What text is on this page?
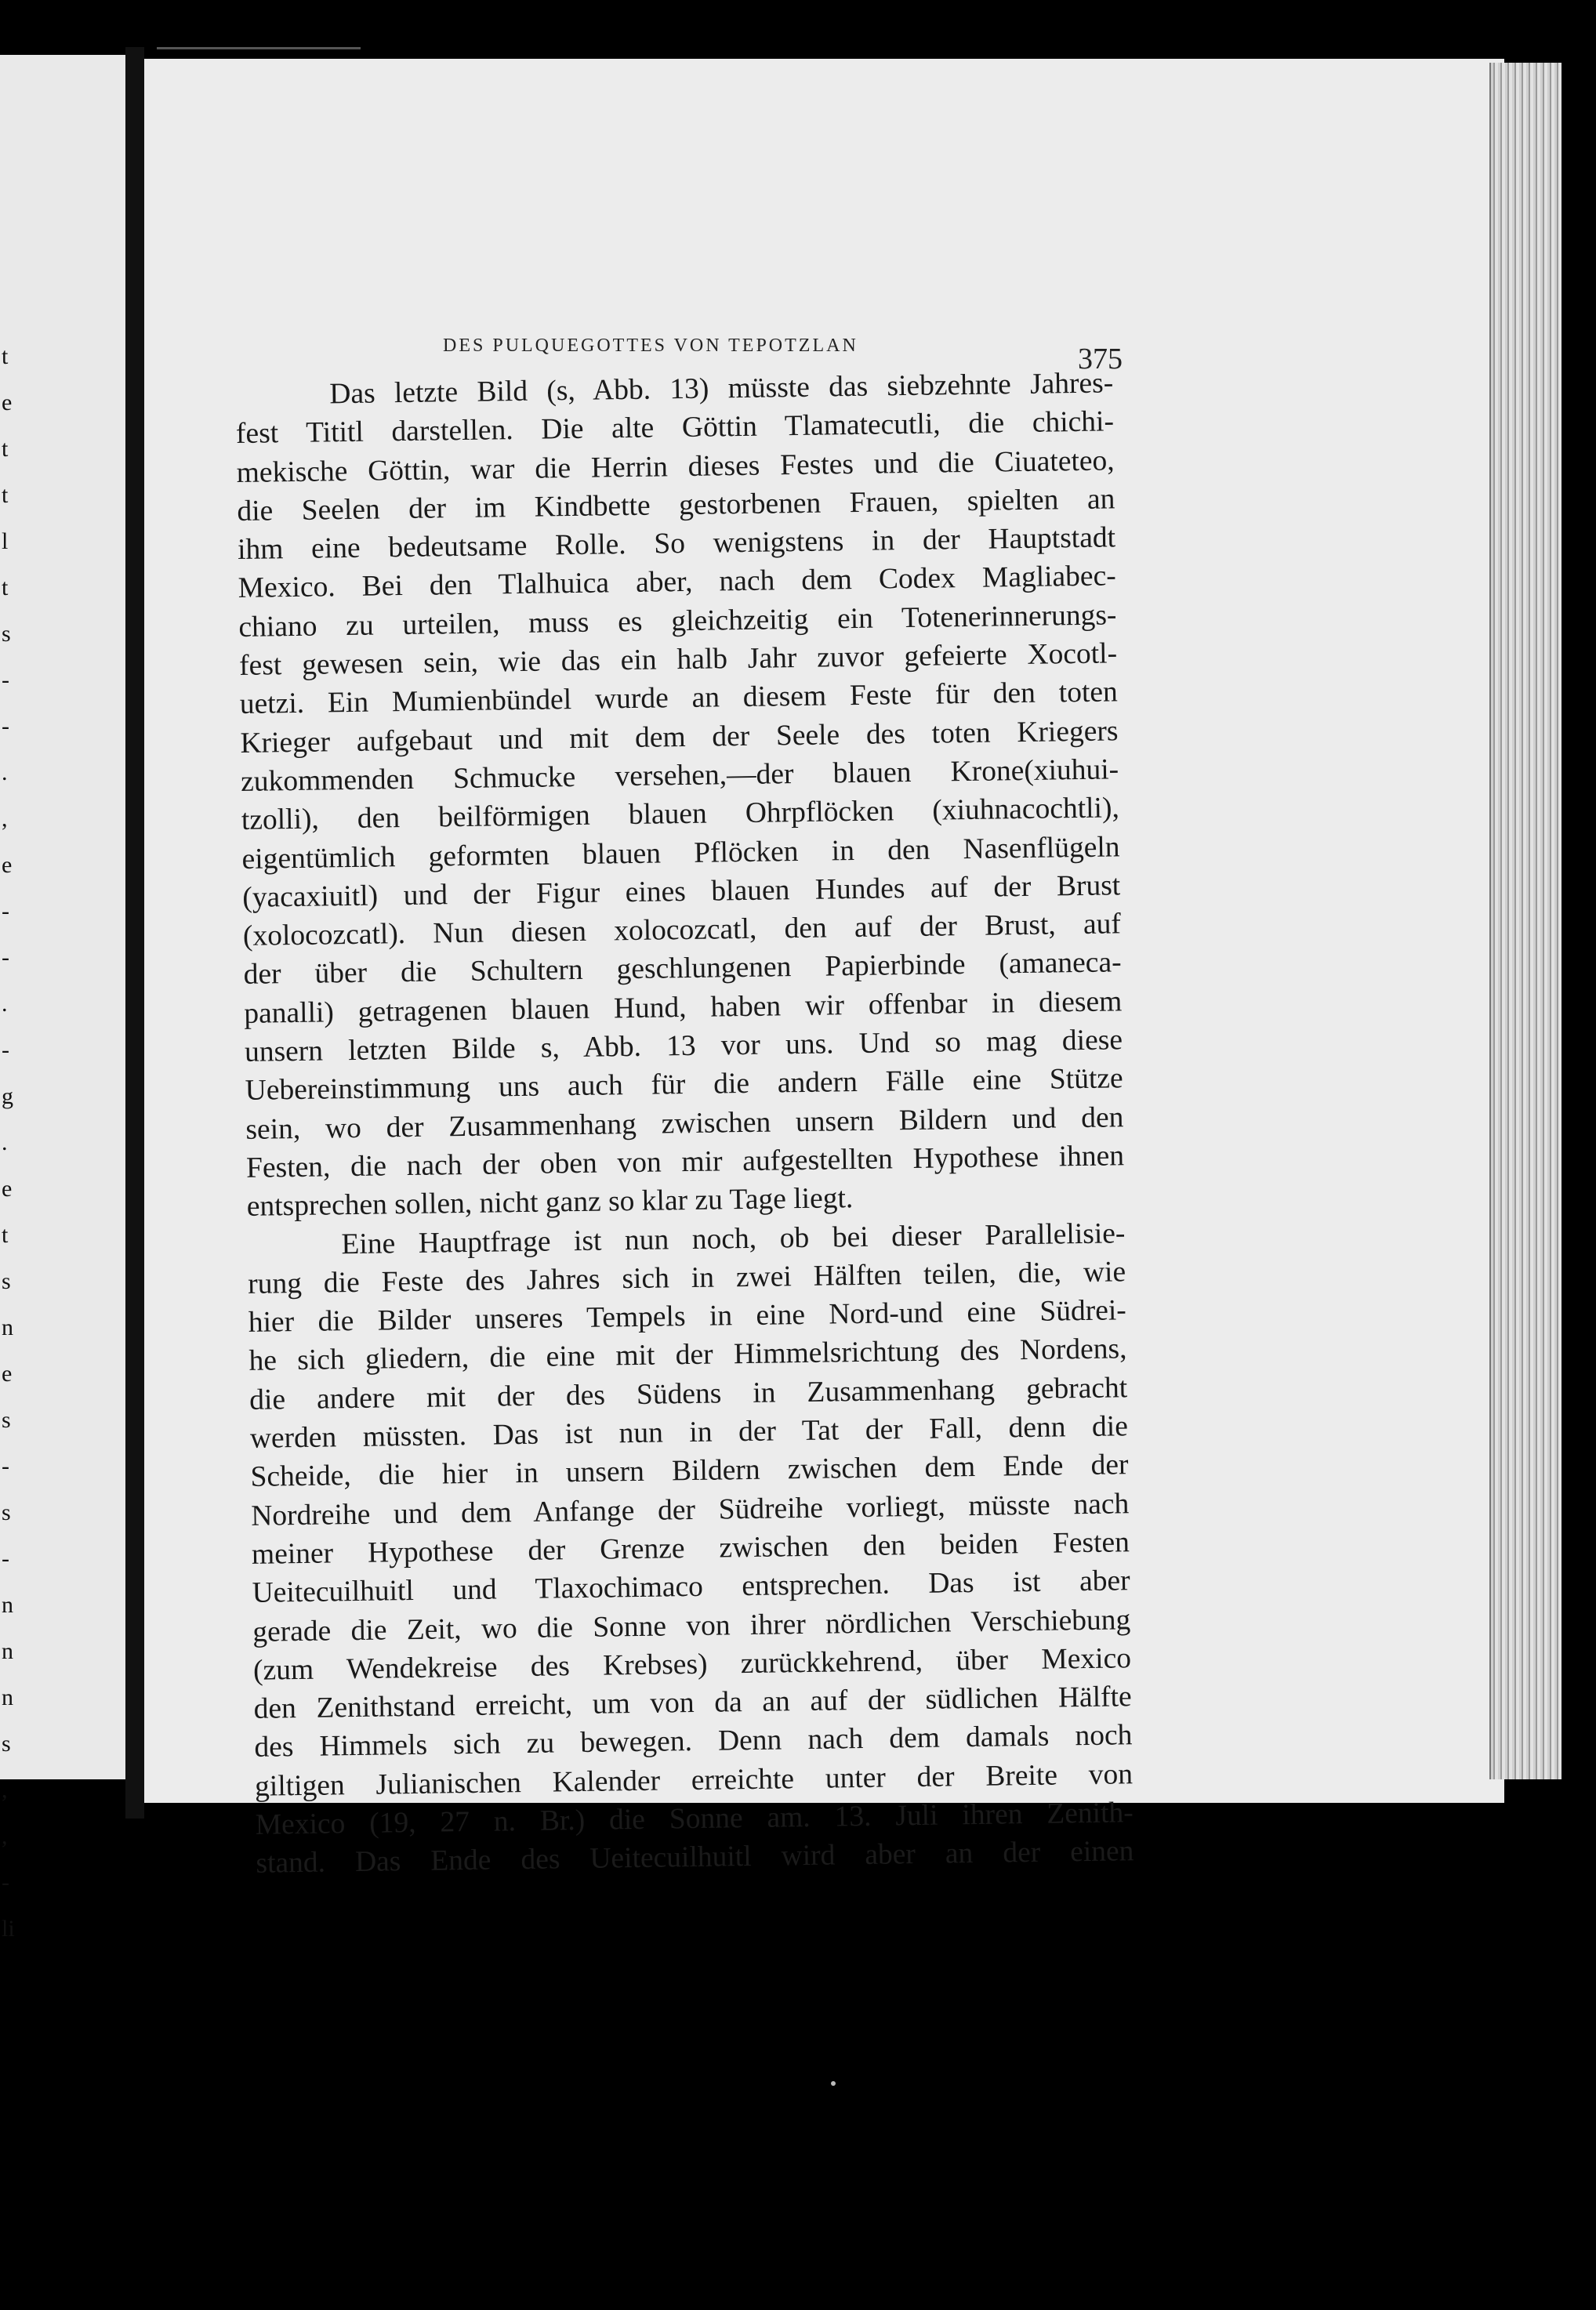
t
e
t
t
l
t
s
-
-
.
,
e
-
-
.
-
g
.
e
t
s
n
e
s
-
s
-
n
n
n
s
,
,
-
li
DES PULQUEGOTTES VON TEPOTZLAN	375
Das letzte Bild (s, Abb. 13) müsste das siebzehnte Jahres-
fest Tititl darstellen. Die alte Göttin Tlamatecutli, die chichi-
mekische Göttin, war die Herrin dieses Festes und die Ciuateteo,
die Seelen der im Kindbette gestorbenen Frauen, spielten an
ihm eine bedeutsame Rolle. So wenigstens in der Hauptstadt
Mexico. Bei den Tlalhuica aber, nach dem Codex Magliabec-
chiano zu urteilen, muss es gleichzeitig ein Totenerinnerungs-
fest gewesen sein, wie das ein halb Jahr zuvor gefeierte Xocotl-
uetzi. Ein Mumienbündel wurde an diesem Feste für den toten
Krieger aufgebaut und mit dem der Seele des toten Kriegers
zukommenden Schmucke versehen,—der blauen Krone(xiuhui-
tzolli), den beilförmigen blauen Ohrpflöcken (xiuhnacochtli),
eigentümlich geformten blauen Pflöcken in den Nasenflügeln
(yacaxiuitl) und der Figur eines blauen Hundes auf der Brust
(xolocozcatl). Nun diesen xolocozcatl, den auf der Brust, auf
der über die Schultern geschlungenen Papierbinde (amaneca-
panalli) getragenen blauen Hund, haben wir offenbar in diesem
unsern letzten Bilde s, Abb. 13 vor uns. Und so mag diese
Uebereinstimmung uns auch für die andern Fälle eine Stütze
sein, wo der Zusammenhang zwischen unsern Bildern und den
Festen, die nach der oben von mir aufgestellten Hypothese ihnen
entsprechen sollen, nicht ganz so klar zu Tage liegt.
Eine Hauptfrage ist nun noch, ob bei dieser Parallelisie-
rung die Feste des Jahres sich in zwei Hälften teilen, die, wie
hier die Bilder unseres Tempels in eine Nord-und eine Südrei-
he sich gliedern, die eine mit der Himmelsrichtung des Nordens,
die andere mit der des Südens in Zusammenhang gebracht
werden müssten. Das ist nun in der Tat der Fall, denn die
Scheide, die hier in unsern Bildern zwischen dem Ende der
Nordreihe und dem Anfange der Südreihe vorliegt, müsste nach
meiner Hypothese der Grenze zwischen den beiden Festen
Ueitecuilhuitl und Tlaxochimaco entsprechen. Das ist aber
gerade die Zeit, wo die Sonne von ihrer nördlichen Verschiebung
(zum Wendekreise des Krebses) zurückkehrend, über Mexico
den Zenithstand erreicht, um von da an auf der südlichen Hälfte
des Himmels sich zu bewegen. Denn nach dem damals noch
giltigen Julianischen Kalender erreichte unter der Breite von
Mexico (19, 27 n. Br.) die Sonne am. 13. Juli ihren Zenith-
stand. Das Ende des Ueitecuilhuitl wird aber an der einen
